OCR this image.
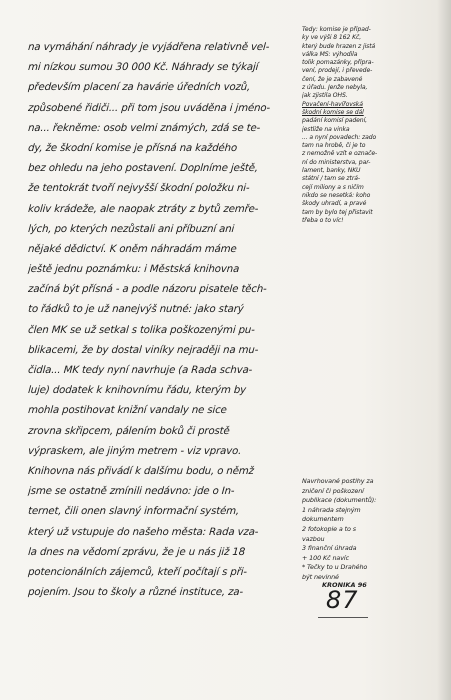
na vymáhání náhrady je vyjádřena relativně vel-
mi nízkou sumou 30 000 Kč. Náhrady se týkají
především placení za havárie úředních vozů,
způsobené řidiči... při tom jsou uváděna i jméno-
na... řekněme: osob velmi známých, zdá se te-
dy, že škodní komise je přísná na každého
bez ohledu na jeho postavení. Doplníme ještě,
že tentokrát tvoří nejvyšší škodní položku ni-
koliv krádeže, ale naopak ztráty z bytů zemře-
lých, po kterých nezůstali ani příbuzní ani
nějaké dědictví. K oněm náhradám máme
ještě jednu poznámku: i Městská knihovna
začíná být přísná - a podle názoru pisatele těch-
to řádků to je už nanejvýš nutné: jako starý
člen MK se už setkal s tolika poškozenými pu-
blikacemi, že by dostal viníky nejraději na mu-
čidla... MK tedy nyní navrhuje (a Rada schva-
luje) dodatek k knihovnímu řádu, kterým by
mohla postihovat knižní vandaly ne sice
zrovna skřipcem, pálením boků či prostě
výpraskem, ale jiným metrem - viz vpravo.
Knihovna nás přivádí k dalšímu bodu, o němž
jsme se ostatně zmínili nedávno: jde o In-
ternet, čili onen slavný informační systém,
který už vstupuje do našeho města: Rada vza-
la dnes na vědomí zprávu, že je u nás již 18
potencionálních zájemců, kteří počítají s při-
pojením. Jsou to školy a různé instituce, za-
Tedy: komise je připad-
ky ve výši 8 162 Kč,
který bude hrazen z jistá
válka MS: výhodila
tolik pomazánky, připra-
vení, prodejí, i převede-
čení, že je zabavené
z úřadu. Jenže nebyla,
jak zjistila OHS.
Povačení-havířovská
škodní komise se dál
padání komisí padení,
jestliže na vinka
... a nyní povadech: zado
tam na hrobě, či je to
z nemožně vzít e označe-
ní do ministerstva, par-
lament, banky, NKÚ
státní / tam se ztrá-
cejí miliony a s ničím
nikdo se nesetká: koho
škody uhradí, a pravé
tam by bylo tej přistavit
třeba o to víc!
Navrhované postihy za
zničení či poškození
publikace (dokumentů):
1 náhrada stejným
dokumentem
2 fotokopie a to s
vazbou
3 finanční úhrada
+ 100 Kč navíc
* Tečky to u Drahého
být nevinné
KRONIKA 96
87
